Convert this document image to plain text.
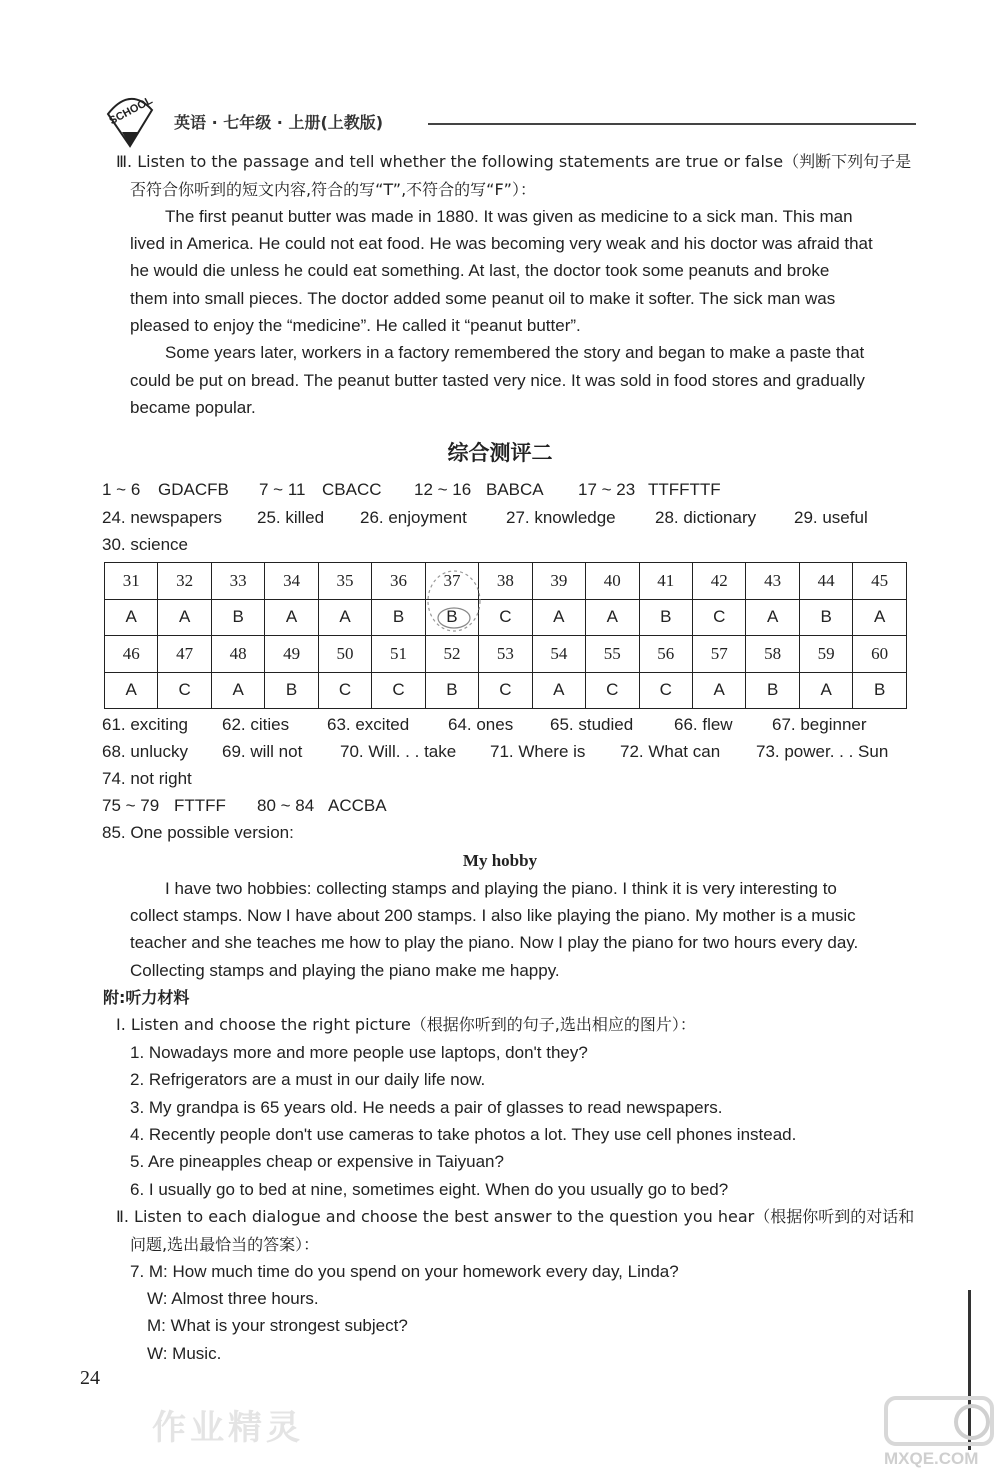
SCHOOL 英语 · 七年级 · 上册(上教版)
Ⅲ. Listen to the passage and tell whether the following statements are true or false（判断下列句子是
否符合你听到的短文内容,符合的写“T”,不符合的写“F”）：
The first peanut butter was made in 1880. It was given as medicine to a sick man. This man
lived in America. He could not eat food. He was becoming very weak and his doctor was afraid that
he would die unless he could eat something. At last, the doctor took some peanuts and broke
them into small pieces. The doctor added some peanut oil to make it softer. The sick man was
pleased to enjoy the “medicine”. He called it “peanut butter”.
Some years later, workers in a factory remembered the story and began to make a paste that
could be put on bread. The peanut butter tasted very nice. It was sold in food stores and gradually
became popular.
综合测评二
1 ~ 6 GDACFB 7 ~ 11 CBACC 12 ~ 16 BABCA 17 ~ 23 TTFFTTF
24. newspapers 25. killed 26. enjoyment 27. knowledge 28. dictionary 29. useful
30. science
31	32	33	34	35	36	37	38	39	40	41	42	43	44	45
A	A	B	A	A	B	B	C	A	A	B	C	A	B	A
46	47	48	49	50	51	52	53	54	55	56	57	58	59	60
A	C	A	B	C	C	B	C	A	C	C	A	B	A	B
61. exciting 62. cities 63. excited 64. ones 65. studied 66. flew 67. beginner
68. unlucky 69. will not 70. Will. . . take 71. Where is 72. What can 73. power. . . Sun
74. not right
75 ~ 79 FTTFF 80 ~ 84 ACCBA
85. One possible version:
My hobby
I have two hobbies: collecting stamps and playing the piano. I think it is very interesting to
collect stamps. Now I have about 200 stamps. I also like playing the piano. My mother is a music
teacher and she teaches me how to play the piano. Now I play the piano for two hours every day.
Collecting stamps and playing the piano make me happy.
附:听力材料
Ⅰ. Listen and choose the right picture（根据你听到的句子,选出相应的图片）：
1. Nowadays more and more people use laptops, don't they?
2. Refrigerators are a must in our daily life now.
3. My grandpa is 65 years old. He needs a pair of glasses to read newspapers.
4. Recently people don't use cameras to take photos a lot. They use cell phones instead.
5. Are pineapples cheap or expensive in Taiyuan?
6. I usually go to bed at nine, sometimes eight. When do you usually go to bed?
Ⅱ. Listen to each dialogue and choose the best answer to the question you hear（根据你听到的对话和
问题,选出最恰当的答案）：
7. M: How much time do you spend on your homework every day, Linda?
W: Almost three hours.
M: What is your strongest subject?
W: Music.
24
作业精灵
MXQE.COM
